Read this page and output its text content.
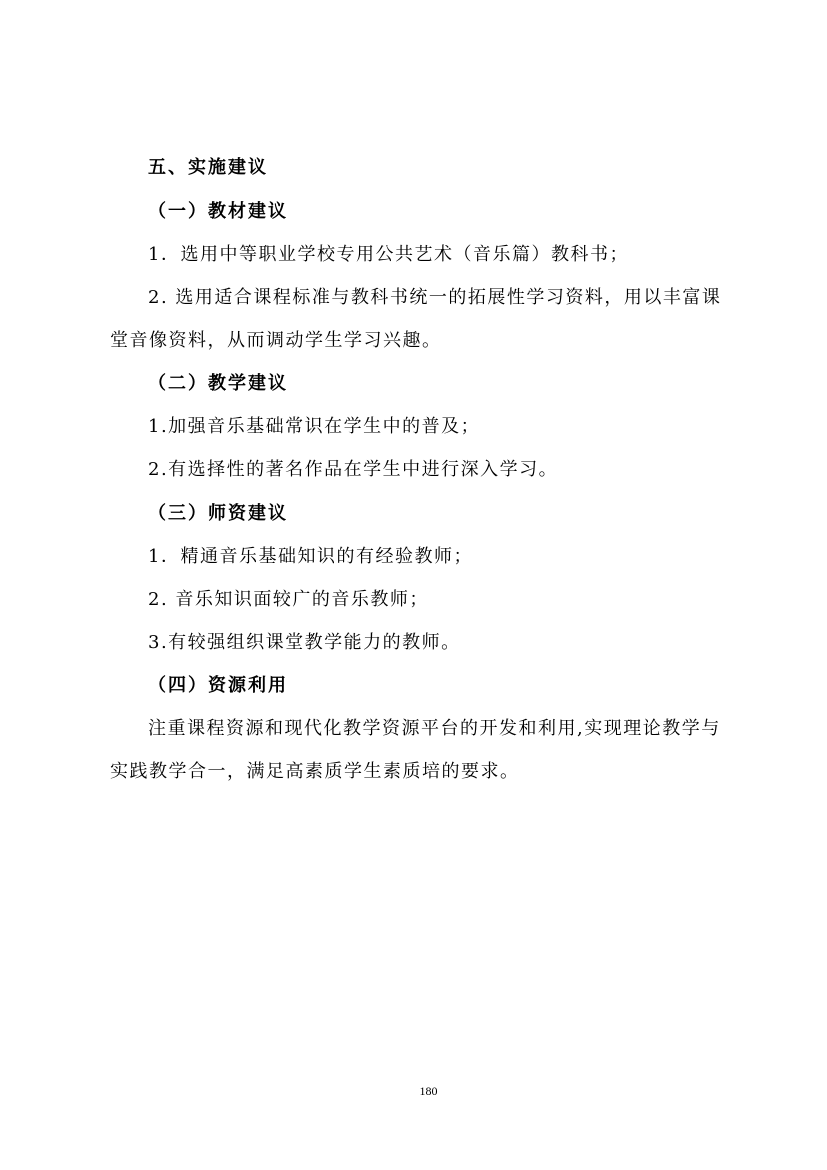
五、实施建议
（一）教材建议
1．选用中等职业学校专用公共艺术（音乐篇）教科书；
2. 选用适合课程标准与教科书统一的拓展性学习资料，用以丰富课
堂音像资料，从而调动学生学习兴趣。
（二）教学建议
1.加强音乐基础常识在学生中的普及；
2.有选择性的著名作品在学生中进行深入学习。
（三）师资建议
1．精通音乐基础知识的有经验教师；
2. 音乐知识面较广的音乐教师；
3.有较强组织课堂教学能力的教师。
（四）资源利用
注重课程资源和现代化教学资源平台的开发和利用,实现理论教学与
实践教学合一，满足高素质学生素质培的要求。
180
